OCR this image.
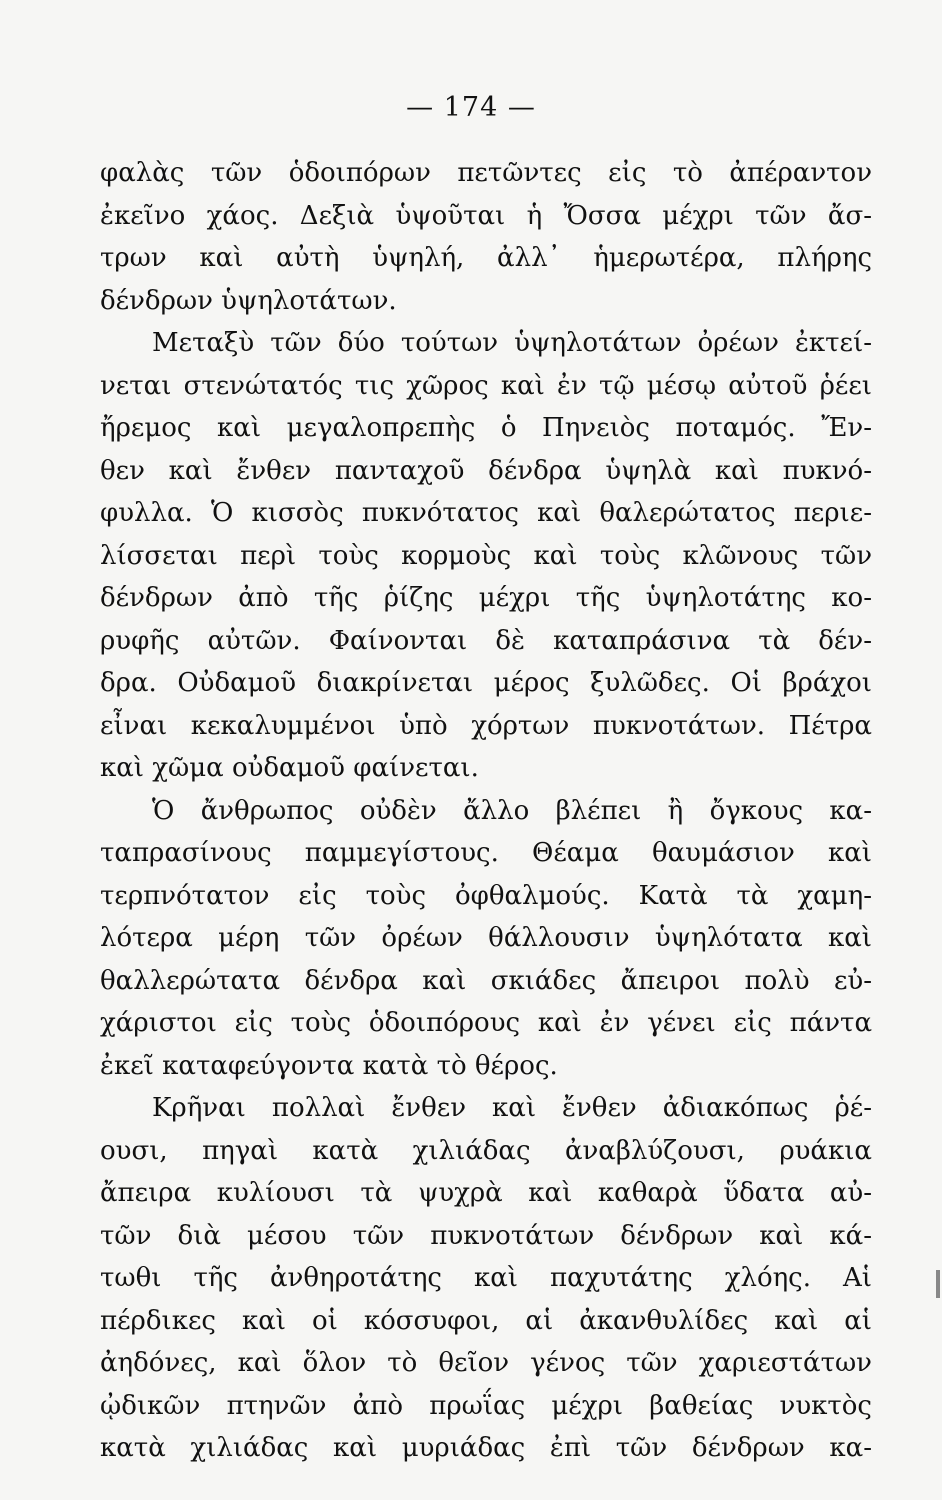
— 174 —
φαλὰς τῶν ὁδοιπόρων πετῶντες εἰς τὸ ἀπέραντον
ἐκεῖνο χάος. Δεξιὰ ὑψοῦται ἡ Ὄσσα μέχρι τῶν ἄσ-
τρων καὶ αὐτὴ ὑψηλή, ἀλλ᾽ ἡμερωτέρα, πλήρης
δένδρων ὑψηλοτάτων.
Μεταξὺ τῶν δύο τούτων ὑψηλοτάτων ὀρέων ἐκτεί-
νεται στενώτατός τις χῶρος καὶ ἐν τῷ μέσῳ αὐτοῦ ῥέει
ἤρεμος καὶ μεγαλοπρεπὴς ὁ Πηνειὸς ποταμός. Ἔν-
θεν καὶ ἔνθεν πανταχοῦ δένδρα ὑψηλὰ καὶ πυκνό-
φυλλα. Ὁ κισσὸς πυκνότατος καὶ θαλερώτατος περιε-
λίσσεται περὶ τοὺς κορμοὺς καὶ τοὺς κλῶνους τῶν
δένδρων ἀπὸ τῆς ῥίζης μέχρι τῆς ὑψηλοτάτης κο-
ρυφῆς αὐτῶν. Φαίνονται δὲ καταπράσινα τὰ δέν-
δρα. Οὐδαμοῦ διακρίνεται μέρος ξυλῶδες. Οἱ βράχοι
εἶναι κεκαλυμμένοι ὑπὸ χόρτων πυκνοτάτων. Πέτρα
καὶ χῶμα οὐδαμοῦ φαίνεται.
Ὁ ἄνθρωπος οὐδὲν ἄλλο βλέπει ἢ ὄγκους κα-
ταπρασίνους παμμεγίστους. Θέαμα θαυμάσιον καὶ
τερπνότατον εἰς τοὺς ὀφθαλμούς. Κατὰ τὰ χαμη-
λότερα μέρη τῶν ὀρέων θάλλουσιν ὑψηλότατα καὶ
θαλλερώτατα δένδρα καὶ σκιάδες ἄπειροι πολὺ εὐ-
χάριστοι εἰς τοὺς ὁδοιπόρους καὶ ἐν γένει εἰς πάντα
ἐκεῖ καταφεύγοντα κατὰ τὸ θέρος.
Κρῆναι πολλαὶ ἔνθεν καὶ ἔνθεν ἀδιακόπως ῥέ-
ουσι, πηγαὶ κατὰ χιλιάδας ἀναβλύζουσι, ρυάκια
ἄπειρα κυλίουσι τὰ ψυχρὰ καὶ καθαρὰ ὕδατα αὐ-
τῶν διὰ μέσου τῶν πυκνοτάτων δένδρων καὶ κά-
τωθι τῆς ἀνθηροτάτης καὶ παχυτάτης χλόης. Αἱ
πέρδικες καὶ οἱ κόσσυφοι, αἱ ἀκανθυλίδες καὶ αἱ
ἀηδόνες, καὶ ὅλον τὸ θεῖον γένος τῶν χαριεστάτων
ᾠδικῶν πτηνῶν ἀπὸ πρωΐας μέχρι βαθείας νυκτὸς
κατὰ χιλιάδας καὶ μυριάδας ἐπὶ τῶν δένδρων κα-
